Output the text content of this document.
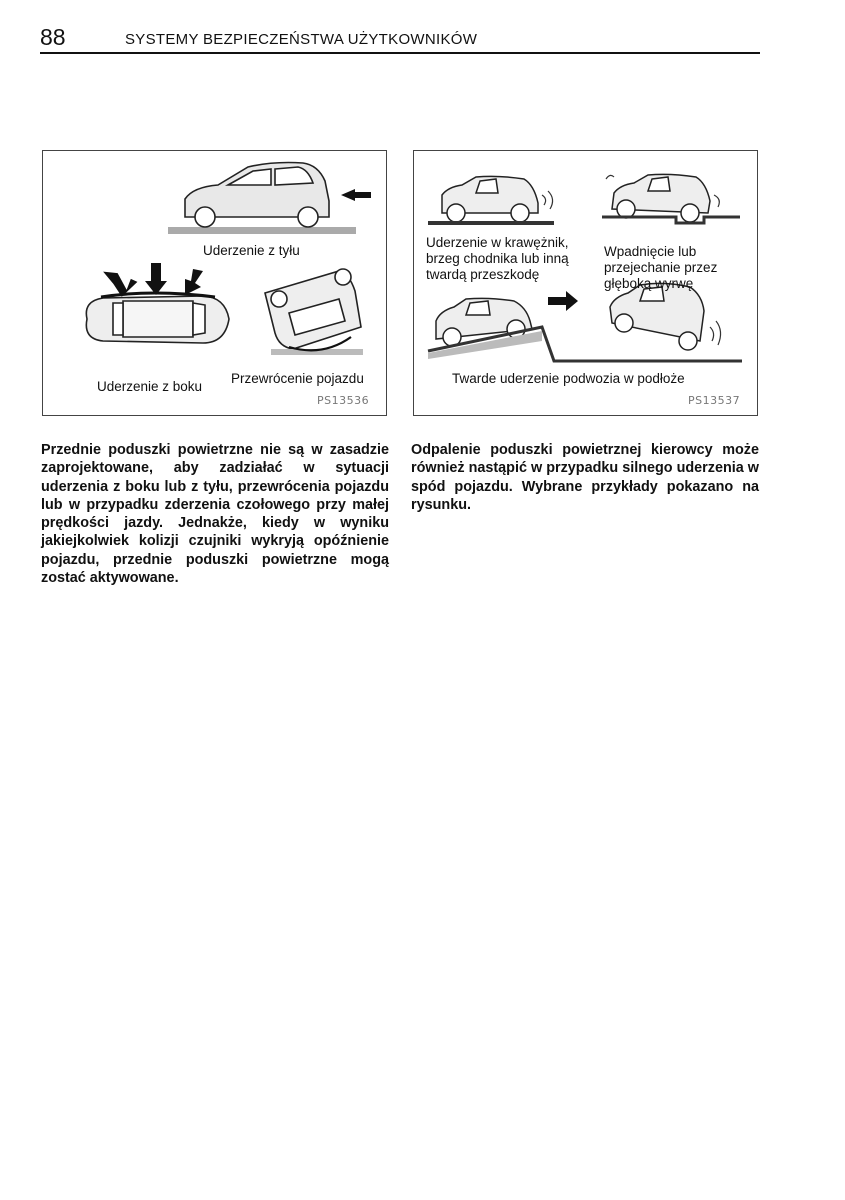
88	SYSTEMY BEZPIECZEŃSTWA UŻYTKOWNIKÓW
Uderzenie z tyłu
Uderzenie z boku
Przewrócenie pojazdu
PS13536
Uderzenie w krawężnik,
brzeg chodnika lub inną
twardą przeszkodę
Wpadnięcie lub
przejechanie przez
głęboką wyrwę
Twarde uderzenie podwozia w podłoże
PS13537
Przednie poduszki powietrzne nie są w zasadzie zaprojektowane, aby zadziałać w sytuacji uderzenia z boku lub z tyłu, przewrócenia pojazdu lub w przypadku zderzenia czołowego przy małej prędkości jazdy. Jednakże, kiedy w wyniku jakiejkolwiek kolizji czujniki wykryją opóźnienie pojazdu, przednie poduszki powietrzne mogą zostać aktywowane.
Odpalenie poduszki powietrznej kierowcy może również nastąpić w przypadku silnego uderzenia w spód pojazdu. Wybrane przykłady pokazano na rysunku.
